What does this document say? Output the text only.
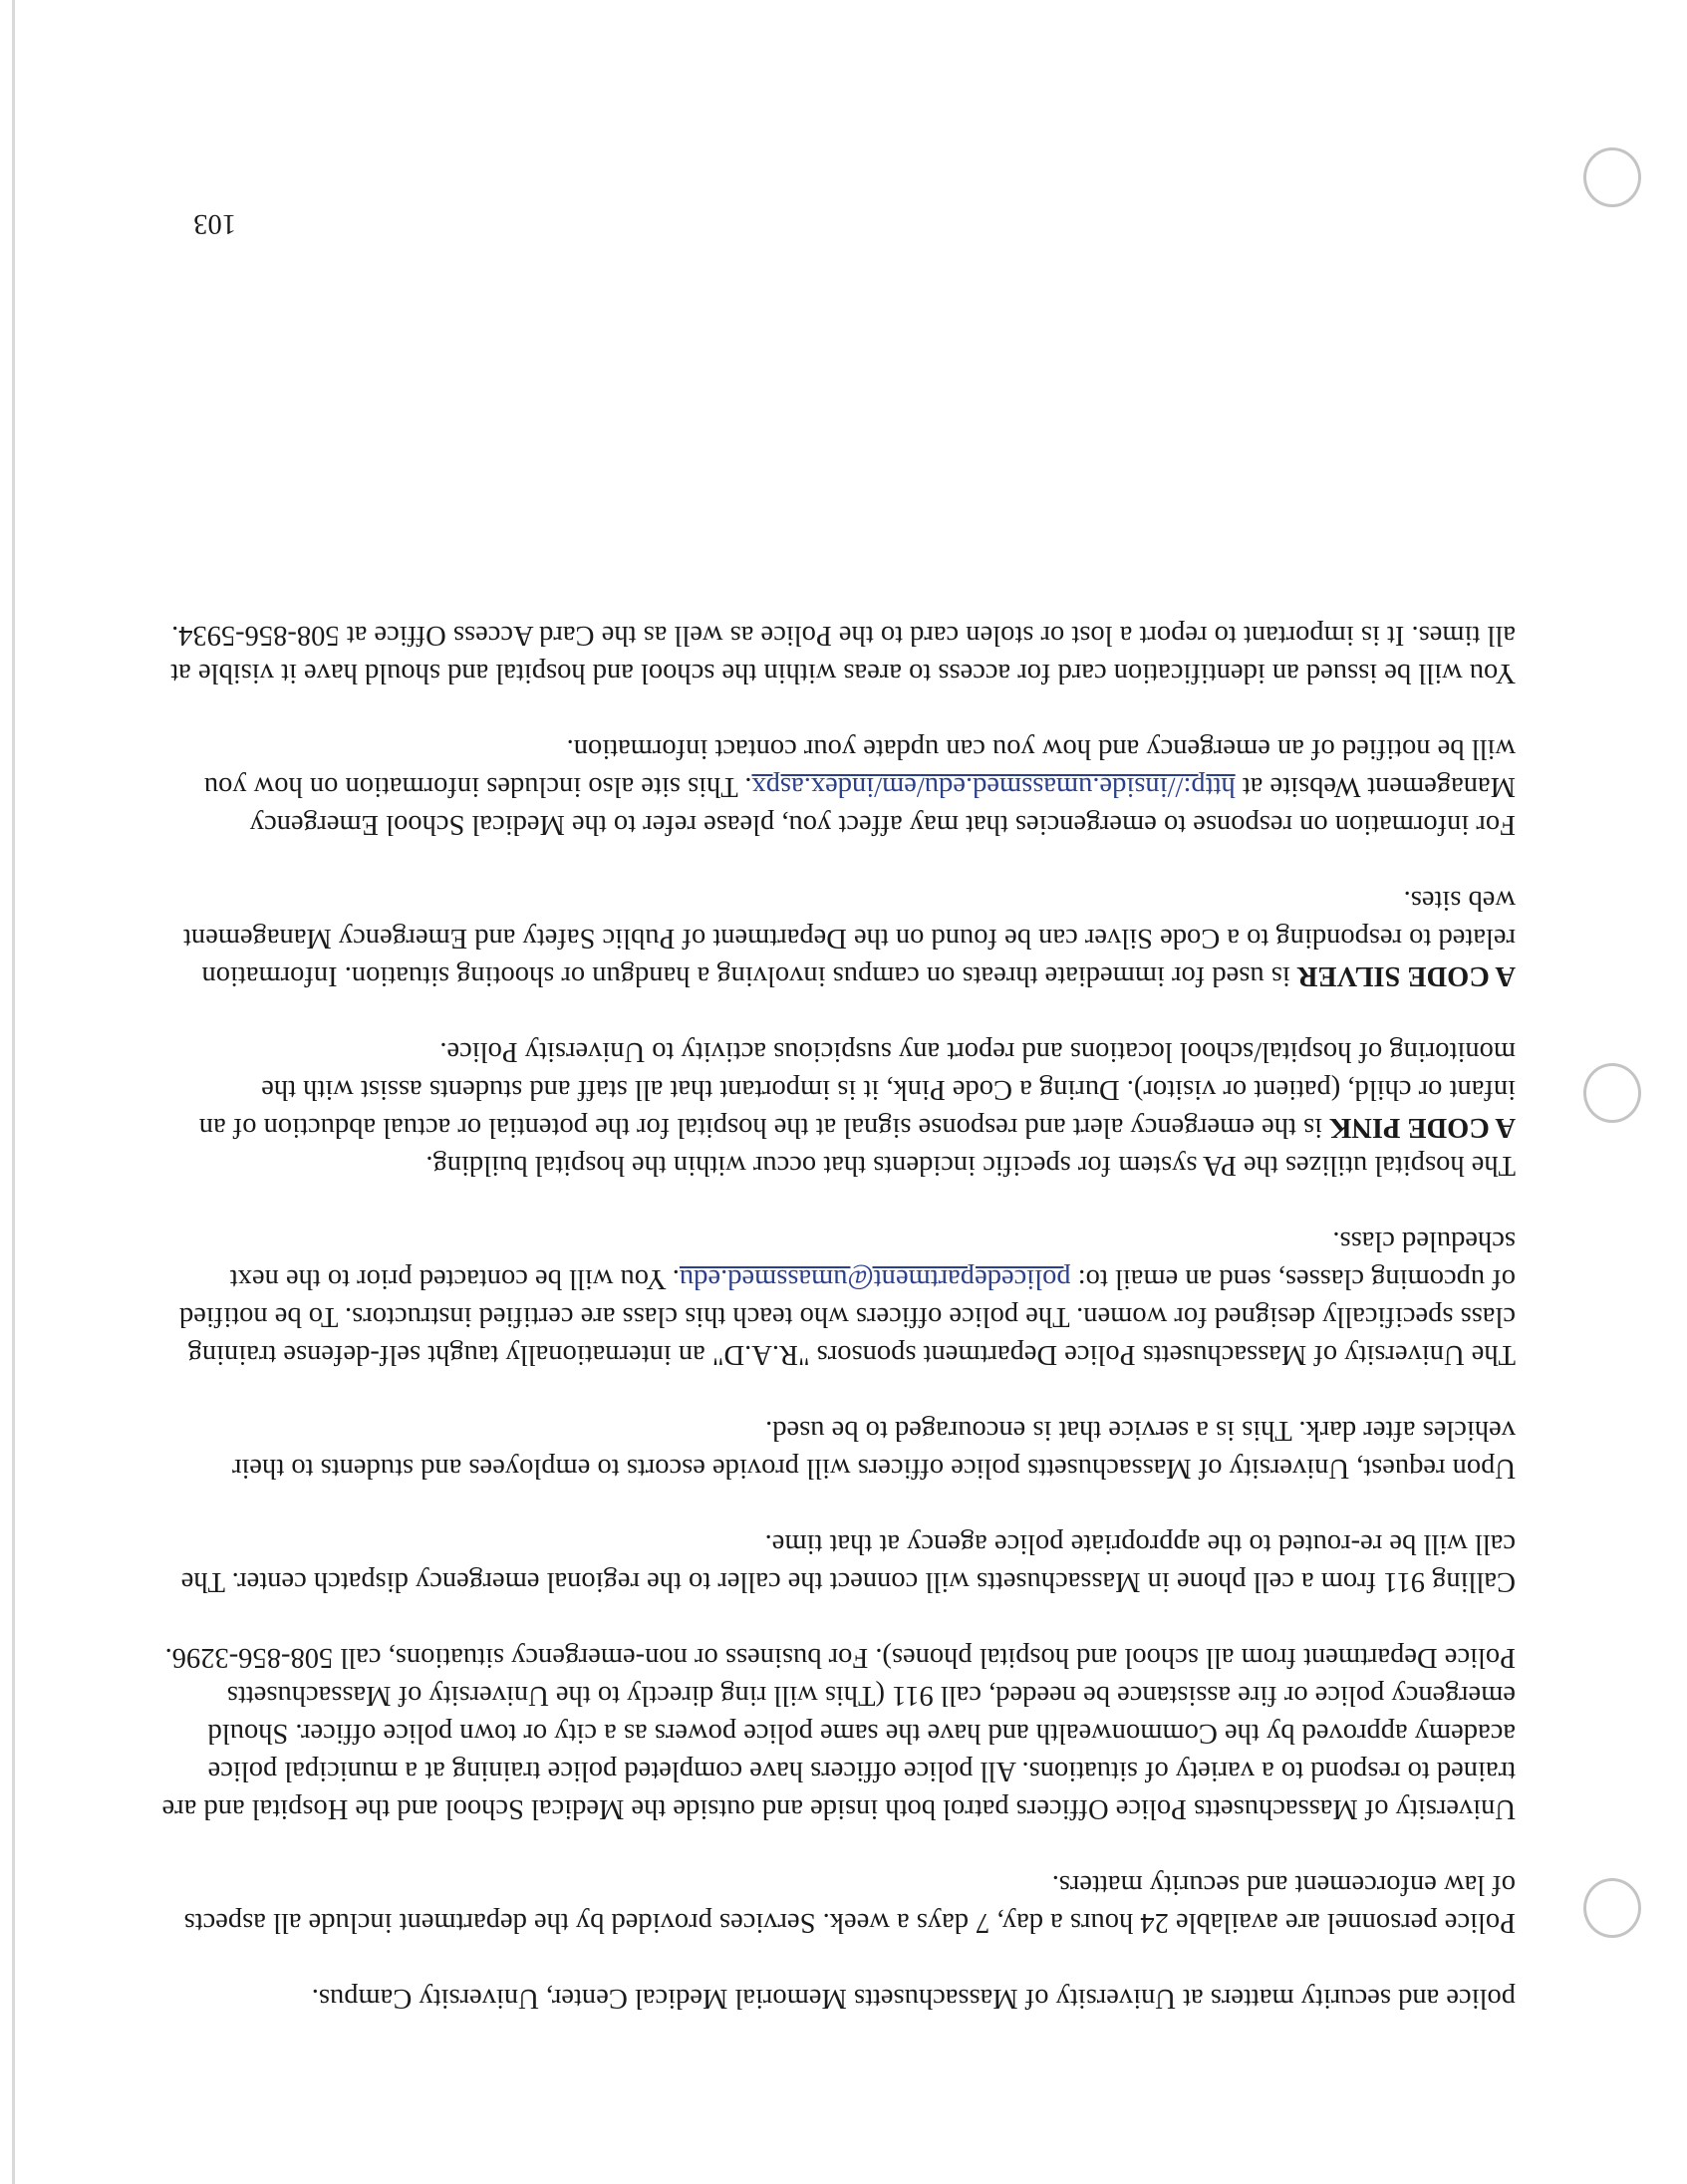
police and security matters at University of Massachusetts Memorial Medical Center, University Campus.

Police personnel are available 24 hours a day, 7 days a week. Services provided by the department include all aspects of law enforcement and security matters.

University of Massachusetts Police Officers patrol both inside and outside the Medical School and the Hospital and are trained to respond to a variety of situations. All police officers have completed police training at a municipal police academy approved by the Commonwealth and have the same police powers as a city or town police officer. Should emergency police or fire assistance be needed, call 911 (This will ring directly to the University of Massachusetts Police Department from all school and hospital phones). For business or non-emergency situations, call 508-856-3296.

Calling 911 from a cell phone in Massachusetts will connect the caller to the regional emergency dispatch center. The call will be re-routed to the appropriate police agency at that time.

Upon request, University of Massachusetts police officers will provide escorts to employees and students to their vehicles after dark. This is a service that is encouraged to be used.

The University of Massachusetts Police Department sponsors "R.A.D" an internationally taught self-defense training class specifically designed for women. The police officers who teach this class are certified instructors. To be notified of upcoming classes, send an email to: policedepartment@umassmed.edu. You will be contacted prior to the next scheduled class.

The hospital utilizes the PA system for specific incidents that occur within the hospital building.

A CODE PINK is the emergency alert and response signal at the hospital for the potential or actual abduction of an infant or child, (patient or visitor). During a Code Pink, it is important that all staff and students assist with the monitoring of hospital/school locations and report any suspicious activity to University Police.

A CODE SILVER is used for immediate threats on campus involving a handgun or shooting situation. Information related to responding to a Code Silver can be found on the Department of Public Safety and Emergency Management web sites.

For information on response to emergencies that may affect you, please refer to the Medical School Emergency Management Website at http://inside.umassmed.edu/em/index.aspx. This site also includes information on how you will be notified of an emergency and how you can update your contact information.

You will be issued an identification card for access to areas within the school and hospital and should have it visible at all times. It is important to report a lost or stolen card to the Police as well as the Card Access Office at 508-856-5934.

103
